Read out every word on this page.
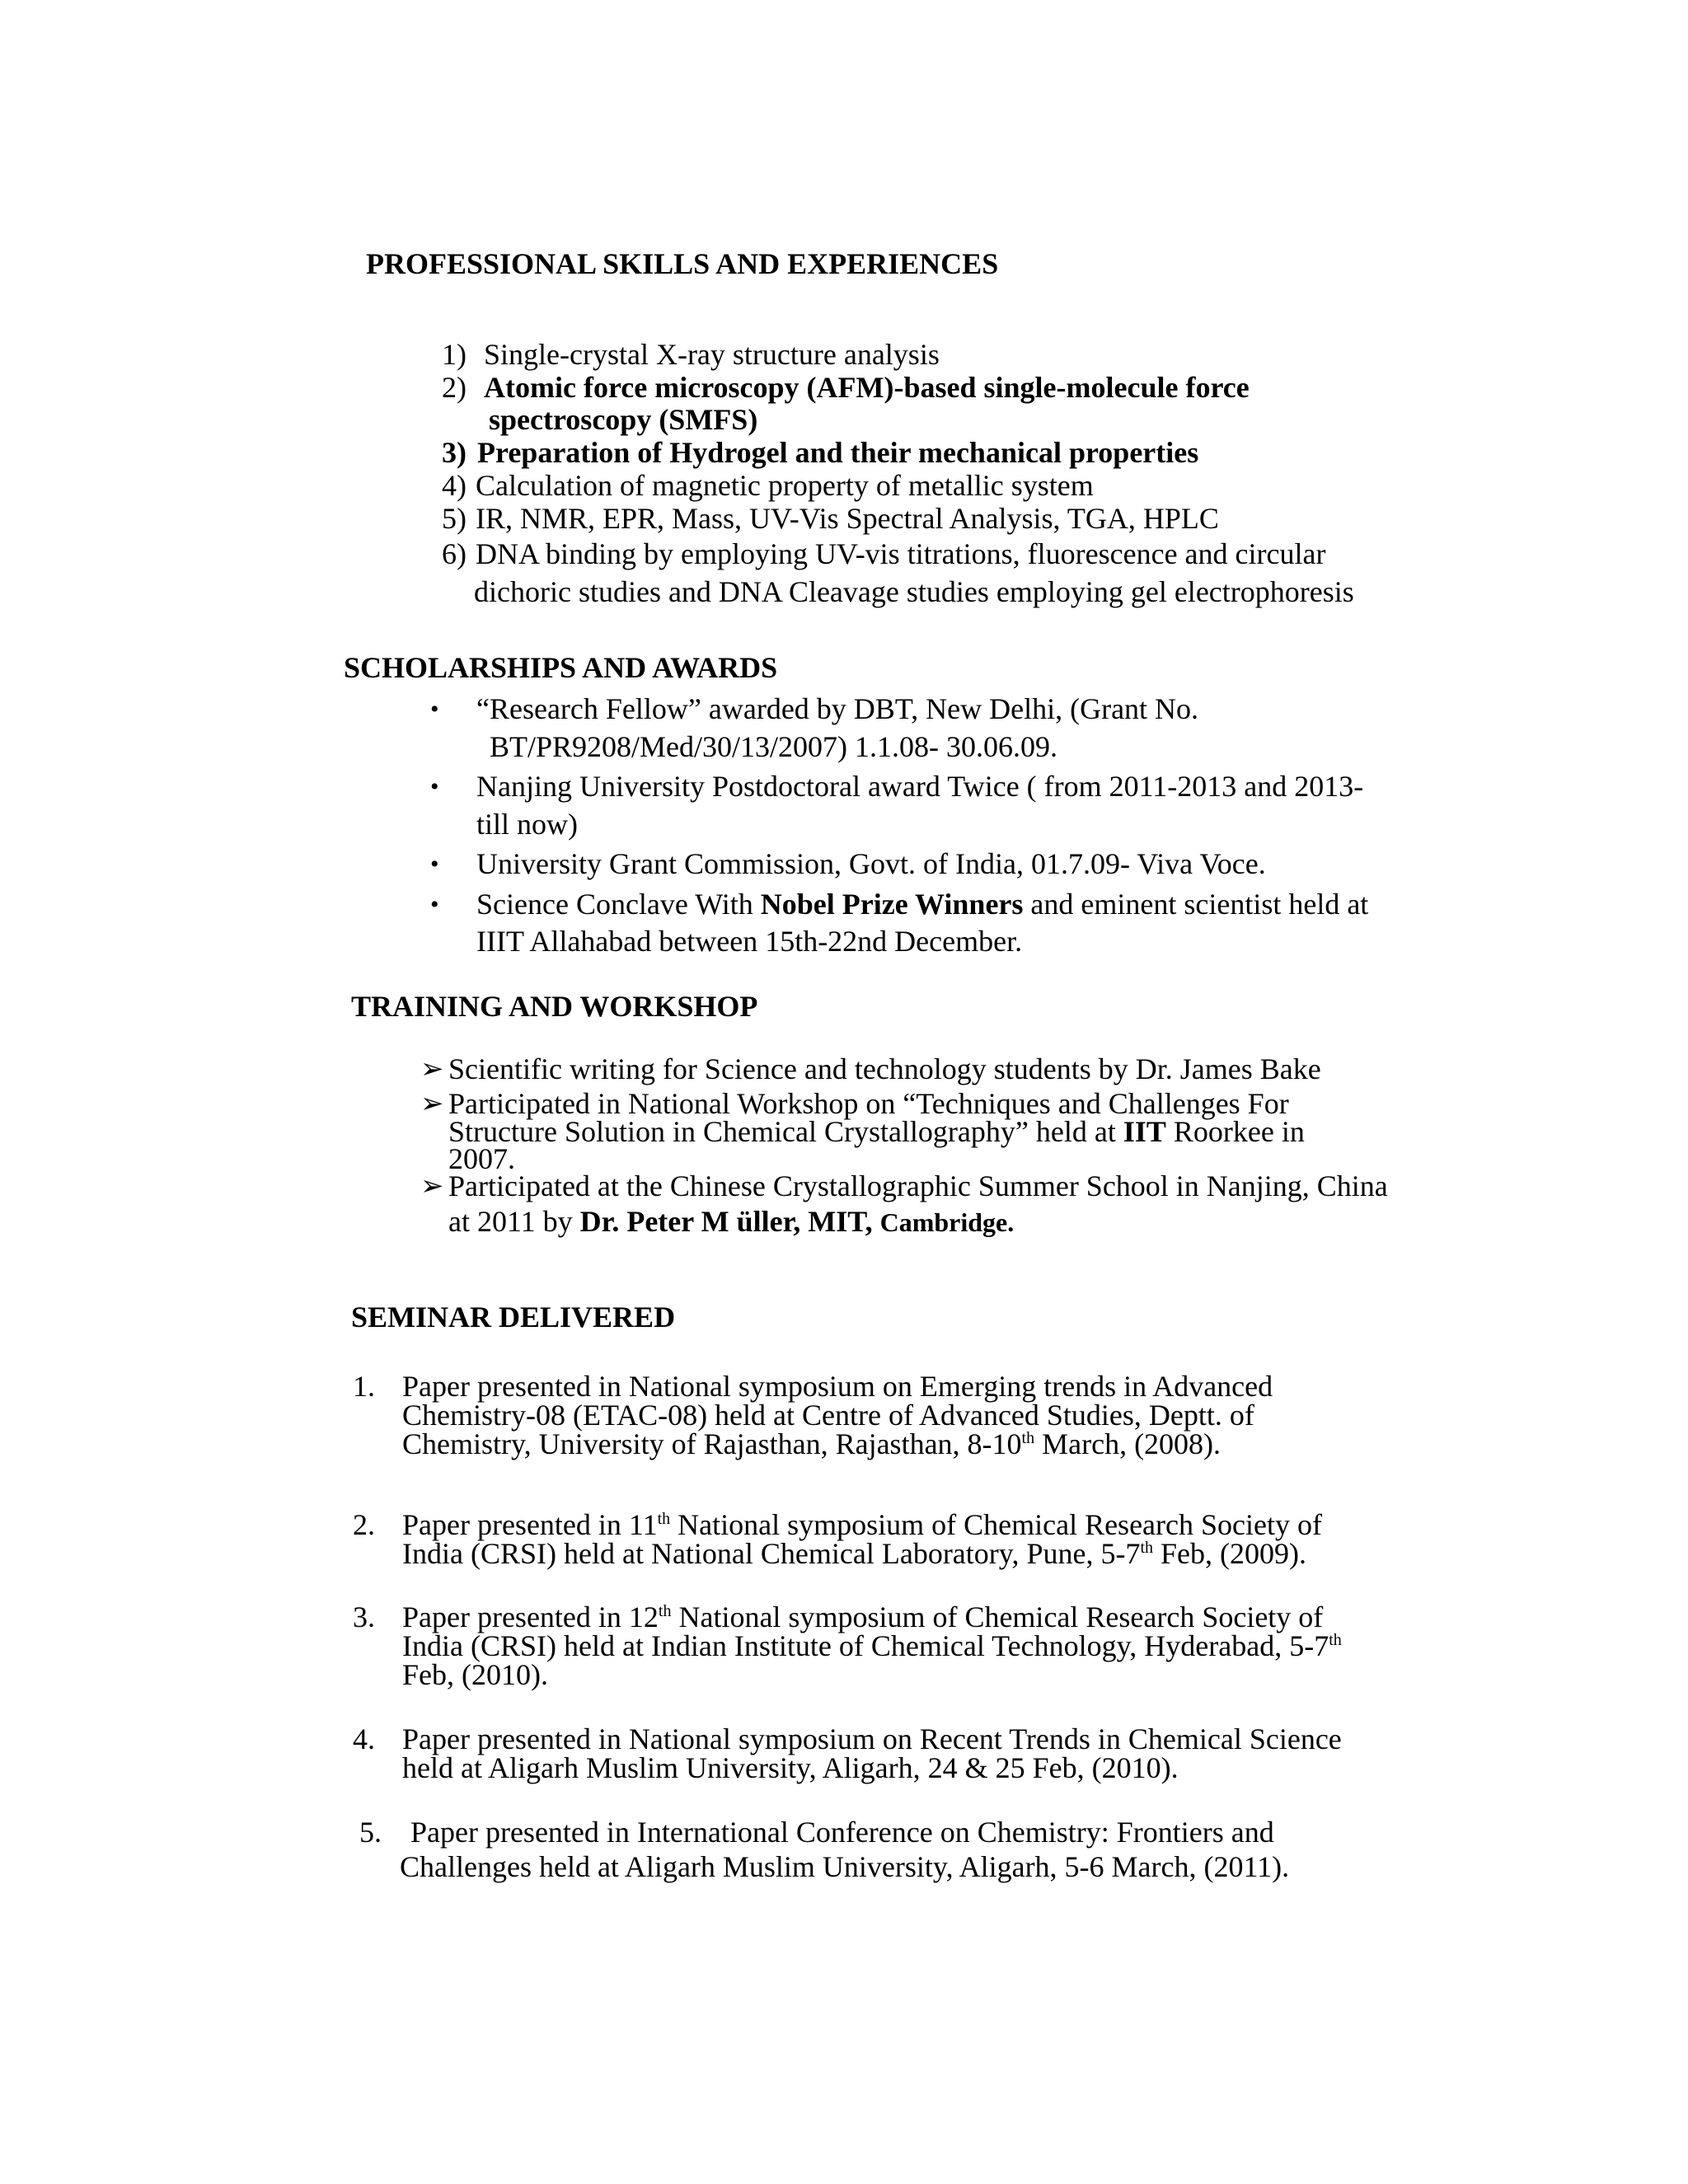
PROFESSIONAL SKILLS AND EXPERIENCES
1) Single-crystal X-ray structure analysis
2) Atomic force microscopy (AFM)-based single-molecule force
spectroscopy (SMFS)
3) Preparation of Hydrogel and their mechanical properties
4) Calculation of magnetic property of metallic system
5) IR, NMR, EPR, Mass, UV-Vis Spectral Analysis, TGA, HPLC
6) DNA binding by employing UV-vis titrations, fluorescence and circular
dichoric studies and DNA Cleavage studies employing gel electrophoresis
SCHOLARSHIPS AND AWARDS
• “Research Fellow” awarded by DBT, New Delhi, (Grant No.
BT/PR9208/Med/30/13/2007) 1.1.08- 30.06.09.
• Nanjing University Postdoctoral award Twice ( from 2011-2013 and 2013-
till now)
• University Grant Commission, Govt. of India, 01.7.09- Viva Voce.
• Science Conclave With Nobel Prize Winners and eminent scientist held at
IIIT Allahabad between 15th-22nd December.
TRAINING AND WORKSHOP
➢ Scientific writing for Science and technology students by Dr. James Bake
➢ Participated in National Workshop on “Techniques and Challenges For
Structure Solution in Chemical Crystallography” held at IIT Roorkee in
2007.
➢ Participated at the Chinese Crystallographic Summer School in Nanjing, China
at 2011 by Dr. Peter M üller, MIT, Cambridge.
SEMINAR DELIVERED
1. Paper presented in National symposium on Emerging trends in Advanced
Chemistry-08 (ETAC-08) held at Centre of Advanced Studies, Deptt. of
Chemistry, University of Rajasthan, Rajasthan, 8-10th March, (2008).
2. Paper presented in 11th National symposium of Chemical Research Society of
India (CRSI) held at National Chemical Laboratory, Pune, 5-7th Feb, (2009).
3. Paper presented in 12th National symposium of Chemical Research Society of
India (CRSI) held at Indian Institute of Chemical Technology, Hyderabad, 5-7th
Feb, (2010).
4. Paper presented in National symposium on Recent Trends in Chemical Science
held at Aligarh Muslim University, Aligarh, 24 & 25 Feb, (2010).
5. Paper presented in International Conference on Chemistry: Frontiers and
Challenges held at Aligarh Muslim University, Aligarh, 5-6 March, (2011).
